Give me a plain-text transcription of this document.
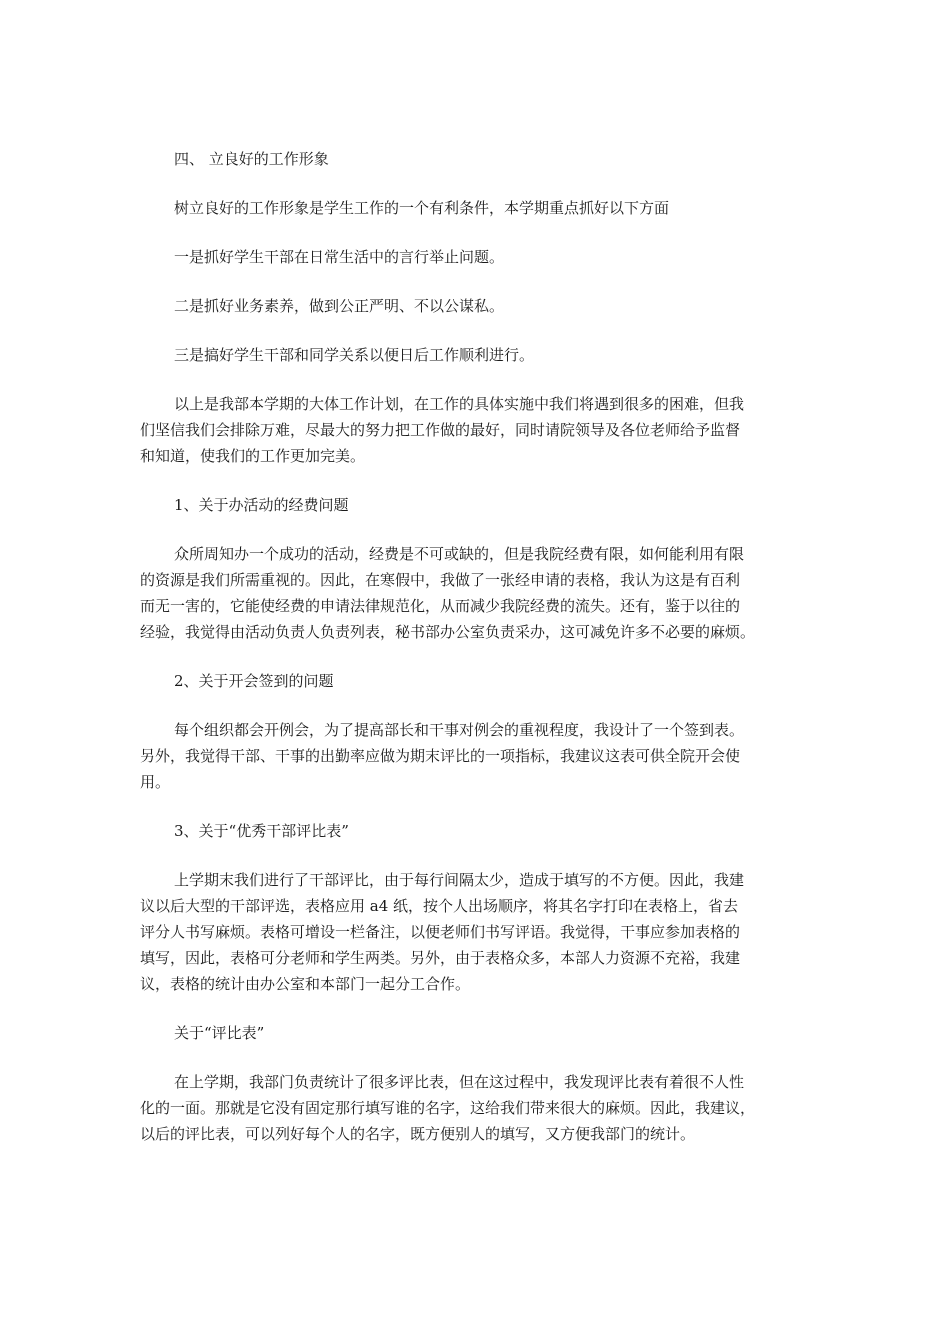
四、 立良好的工作形象

树立良好的工作形象是学生工作的一个有利条件，本学期重点抓好以下方面

一是抓好学生干部在日常生活中的言行举止问题。

二是抓好业务素养，做到公正严明、不以公谋私。

三是搞好学生干部和同学关系以便日后工作顺利进行。

以上是我部本学期的大体工作计划，在工作的具体实施中我们将遇到很多的困难，但我
们坚信我们会排除万难，尽最大的努力把工作做的最好，同时请院领导及各位老师给予监督
和知道，使我们的工作更加完美。

1、关于办活动的经费问题

众所周知办一个成功的活动，经费是不可或缺的，但是我院经费有限，如何能利用有限
的资源是我们所需重视的。因此，在寒假中，我做了一张经申请的表格，我认为这是有百利
而无一害的，它能使经费的申请法律规范化，从而减少我院经费的流失。还有，鉴于以往的
经验，我觉得由活动负责人负责列表，秘书部办公室负责采办，这可减免许多不必要的麻烦。

2、关于开会签到的问题

每个组织都会开例会，为了提高部长和干事对例会的重视程度，我设计了一个签到表。
另外，我觉得干部、干事的出勤率应做为期末评比的一项指标，我建议这表可供全院开会使
用。

3、关于“优秀干部评比表”

上学期末我们进行了干部评比，由于每行间隔太少，造成于填写的不方便。因此，我建
议以后大型的干部评选，表格应用 a4 纸，按个人出场顺序，将其名字打印在表格上，省去
评分人书写麻烦。表格可增设一栏备注，以便老师们书写评语。我觉得，干事应参加表格的
填写，因此，表格可分老师和学生两类。另外，由于表格众多，本部人力资源不充裕，我建
议，表格的统计由办公室和本部门一起分工合作。

关于“评比表”

在上学期，我部门负责统计了很多评比表，但在这过程中，我发现评比表有着很不人性
化的一面。那就是它没有固定那行填写谁的名字，这给我们带来很大的麻烦。因此，我建议，
以后的评比表，可以列好每个人的名字，既方便别人的填写，又方便我部门的统计。
